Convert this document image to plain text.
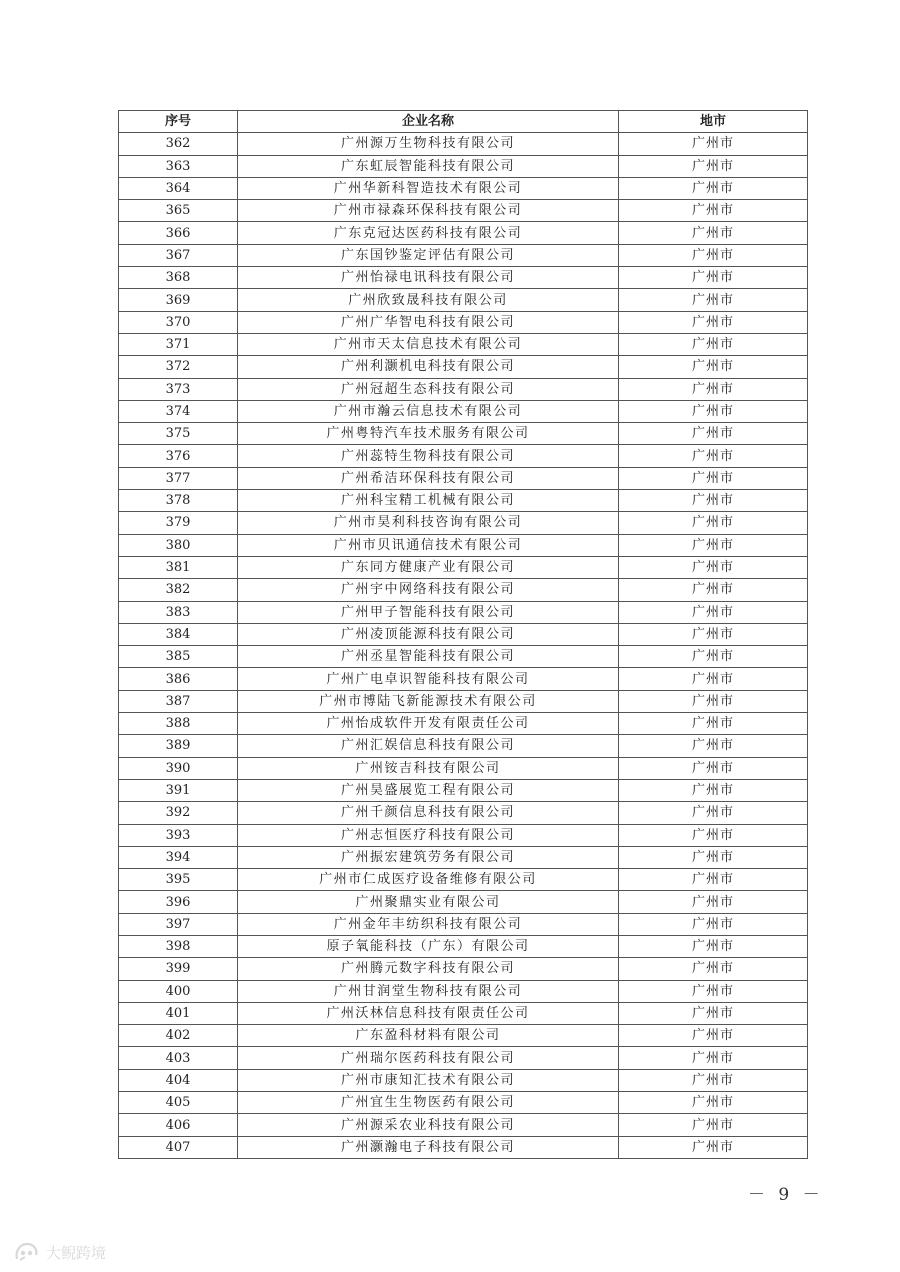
序号	企业名称	地市
362	广州源万生物科技有限公司	广州市
363	广东虹辰智能科技有限公司	广州市
364	广州华新科智造技术有限公司	广州市
365	广州市禄森环保科技有限公司	广州市
366	广东克冠达医药科技有限公司	广州市
367	广东国钞鉴定评估有限公司	广州市
368	广州怡禄电讯科技有限公司	广州市
369	广州欣致晟科技有限公司	广州市
370	广州广华智电科技有限公司	广州市
371	广州市天太信息技术有限公司	广州市
372	广州利灏机电科技有限公司	广州市
373	广州冠超生态科技有限公司	广州市
374	广州市瀚云信息技术有限公司	广州市
375	广州粤特汽车技术服务有限公司	广州市
376	广州蕊特生物科技有限公司	广州市
377	广州希洁环保科技有限公司	广州市
378	广州科宝精工机械有限公司	广州市
379	广州市昊利科技咨询有限公司	广州市
380	广州市贝讯通信技术有限公司	广州市
381	广东同方健康产业有限公司	广州市
382	广州宇中网络科技有限公司	广州市
383	广州甲子智能科技有限公司	广州市
384	广州凌顶能源科技有限公司	广州市
385	广州丞星智能科技有限公司	广州市
386	广州广电卓识智能科技有限公司	广州市
387	广州市博陆飞新能源技术有限公司	广州市
388	广州怡成软件开发有限责任公司	广州市
389	广州汇娱信息科技有限公司	广州市
390	广州铵吉科技有限公司	广州市
391	广州昊盛展览工程有限公司	广州市
392	广州千颜信息科技有限公司	广州市
393	广州志恒医疗科技有限公司	广州市
394	广州振宏建筑劳务有限公司	广州市
395	广州市仁成医疗设备维修有限公司	广州市
396	广州聚鼎实业有限公司	广州市
397	广州金年丰纺织科技有限公司	广州市
398	原子氧能科技（广东）有限公司	广州市
399	广州腾元数字科技有限公司	广州市
400	广州甘润堂生物科技有限公司	广州市
401	广州沃林信息科技有限责任公司	广州市
402	广东盈科材料有限公司	广州市
403	广州瑞尔医药科技有限公司	广州市
404	广州市康知汇技术有限公司	广州市
405	广州宜生生物医药有限公司	广州市
406	广州源采农业科技有限公司	广州市
407	广州灏瀚电子科技有限公司	广州市
－ 9 －
大鲵跨境
